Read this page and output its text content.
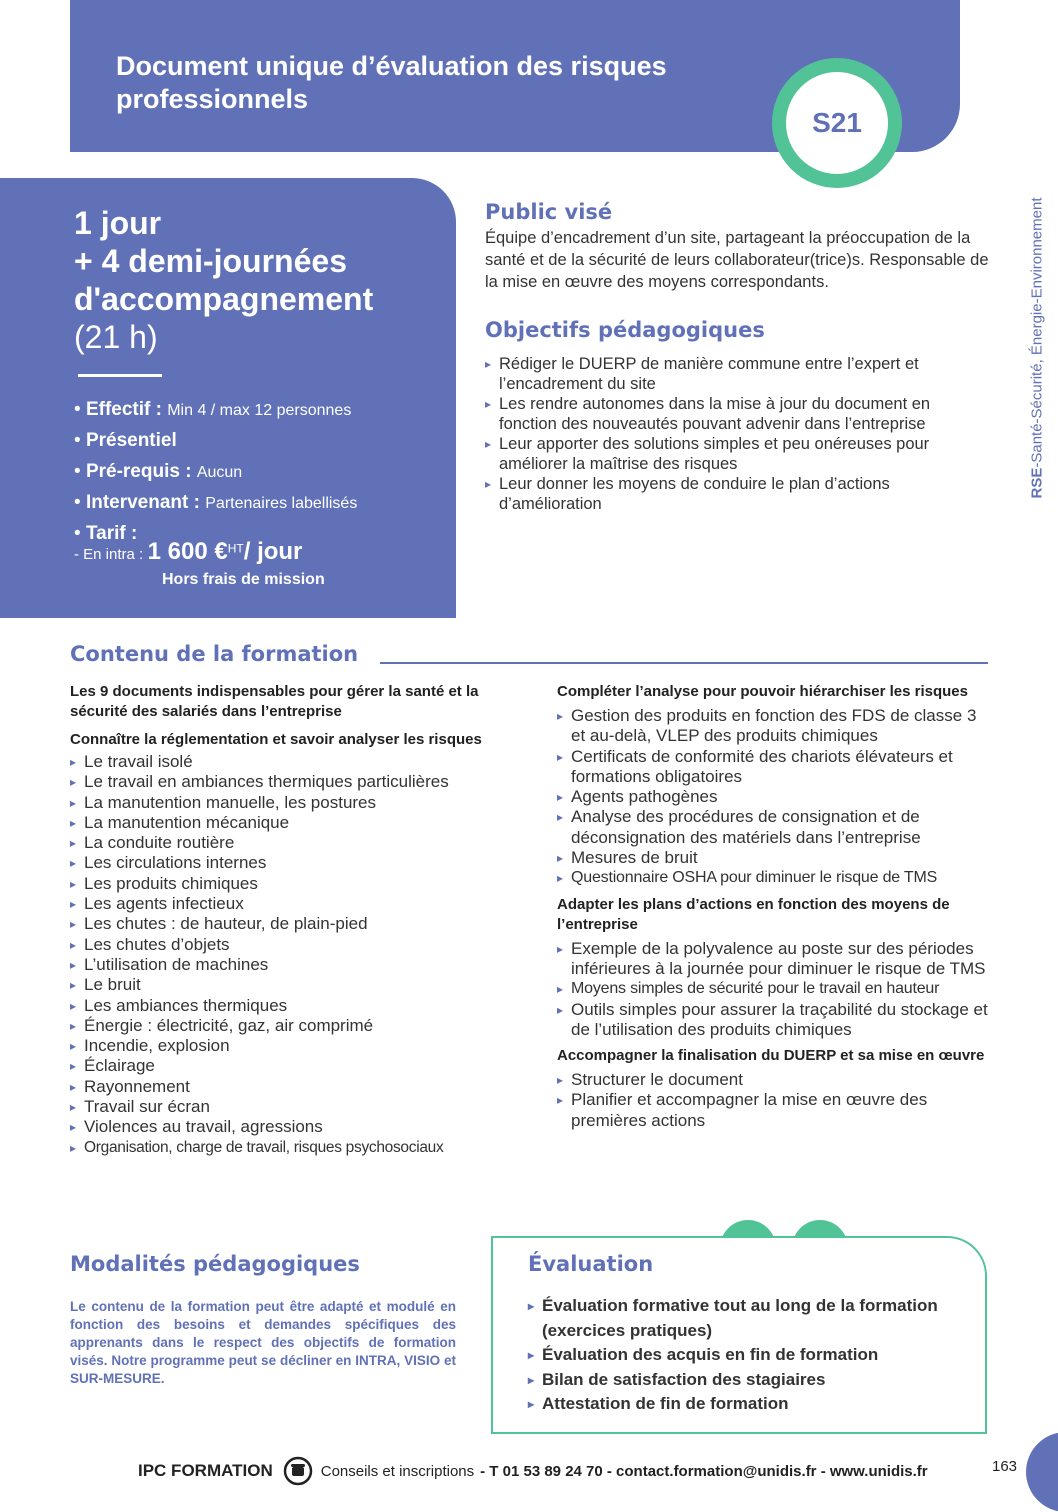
Document unique d’évaluation des risques professionnels
S21
RSE-Santé-Sécurité, Énergie-Environnement
1 jour
+ 4 demi-journées
d'accompagnement
(21 h)
• Effectif : Min 4 / max 12 personnes
• Présentiel
• Pré-requis : Aucun
• Intervenant : Partenaires labellisés
• Tarif :
- En intra : 1 600 €$^{HT}$/ jour
Hors frais de mission
Public visé
Équipe d’encadrement d’un site, partageant la préoccupation de la santé et de la sécurité de leurs collaborateur(trice)s. Responsable de la mise en œuvre des moyens correspondants.
Objectifs pédagogiques
▸ Rédiger le DUERP de manière commune entre l’expert et l’encadrement du site
▸ Les rendre autonomes dans la mise à jour du document en fonction des nouveautés pouvant advenir dans l’entreprise
▸ Leur apporter des solutions simples et peu onéreuses pour améliorer la maîtrise des risques
▸ Leur donner les moyens de conduire le plan d’actions d’amélioration
Contenu de la formation
Les 9 documents indispensables pour gérer la santé et la sécurité des salariés dans l’entreprise
Connaître la réglementation et savoir analyser les risques
▸ Le travail isolé
▸ Le travail en ambiances thermiques particulières
▸ La manutention manuelle, les postures
▸ La manutention mécanique
▸ La conduite routière
▸ Les circulations internes
▸ Les produits chimiques
▸ Les agents infectieux
▸ Les chutes : de hauteur, de plain-pied
▸ Les chutes d’objets
▸ L’utilisation de machines
▸ Le bruit
▸ Les ambiances thermiques
▸ Énergie : électricité, gaz, air comprimé
▸ Incendie, explosion
▸ Éclairage
▸ Rayonnement
▸ Travail sur écran
▸ Violences au travail, agressions
▸ Organisation, charge de travail, risques psychosociaux
Compléter l’analyse pour pouvoir hiérarchiser les risques
▸ Gestion des produits en fonction des FDS de classe 3 et au-delà, VLEP des produits chimiques
▸ Certificats de conformité des chariots élévateurs et formations obligatoires
▸ Agents pathogènes
▸ Analyse des procédures de consignation et de déconsignation des matériels dans l’entreprise
▸ Mesures de bruit
▸ Questionnaire OSHA pour diminuer le risque de TMS
Adapter les plans d’actions en fonction des moyens de l’entreprise
▸ Exemple de la polyvalence au poste sur des périodes inférieures à la journée pour diminuer le risque de TMS
▸ Moyens simples de sécurité pour le travail en hauteur
▸ Outils simples pour assurer la traçabilité du stockage et de l’utilisation des produits chimiques
Accompagner la finalisation du DUERP et sa mise en œuvre
▸ Structurer le document
▸ Planifier et accompagner la mise en œuvre des premières actions
Modalités pédagogiques
Le contenu de la formation peut être adapté et modulé en fonction des besoins et demandes spécifiques des apprenants dans le respect des objectifs de formation visés. Notre programme peut se décliner en INTRA, VISIO et SUR-MESURE.
Évaluation
▸ Évaluation formative tout au long de la formation (exercices pratiques)
▸ Évaluation des acquis en fin de formation
▸ Bilan de satisfaction des stagiaires
▸ Attestation de fin de formation
IPC FORMATION	Conseils et inscriptions - T 01 53 89 24 70 - contact.formation@unidis.fr - www.unidis.fr	163
